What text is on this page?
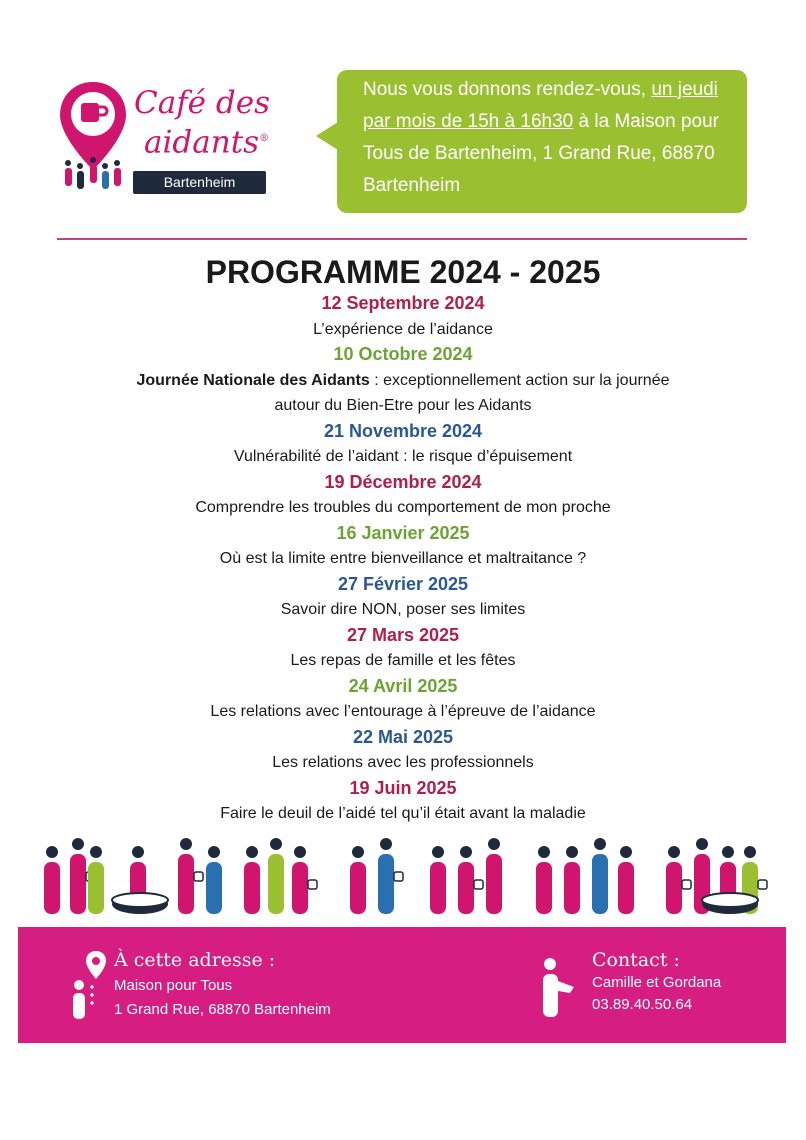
Café des
aidants®
Bartenheim
Nous vous donnons rendez-vous, un jeudi par mois de 15h à 16h30 à la Maison pour Tous de Bartenheim, 1 Grand Rue, 68870 Bartenheim
PROGRAMME 2024 - 2025
12 Septembre 2024
L’expérience de l’aidance
10 Octobre 2024
Journée Nationale des Aidants : exceptionnellement action sur la journée
autour du Bien-Etre pour les Aidants
21 Novembre 2024
Vulnérabilité de l’aidant : le risque d’épuisement
19 Décembre 2024
Comprendre les troubles du comportement de mon proche
16 Janvier 2025
Où est la limite entre bienveillance et maltraitance ?
27 Février 2025
Savoir dire NON, poser ses limites
27 Mars 2025
Les repas de famille et les fêtes
24 Avril 2025
Les relations avec l’entourage à l’épreuve de l’aidance
22 Mai 2025
Les relations avec les professionnels
19 Juin 2025
Faire le deuil de l’aidé tel qu’il était avant la maladie
À cette adresse :
Maison pour Tous
1 Grand Rue, 68870 Bartenheim
Contact :
Camille et Gordana
03.89.40.50.64
